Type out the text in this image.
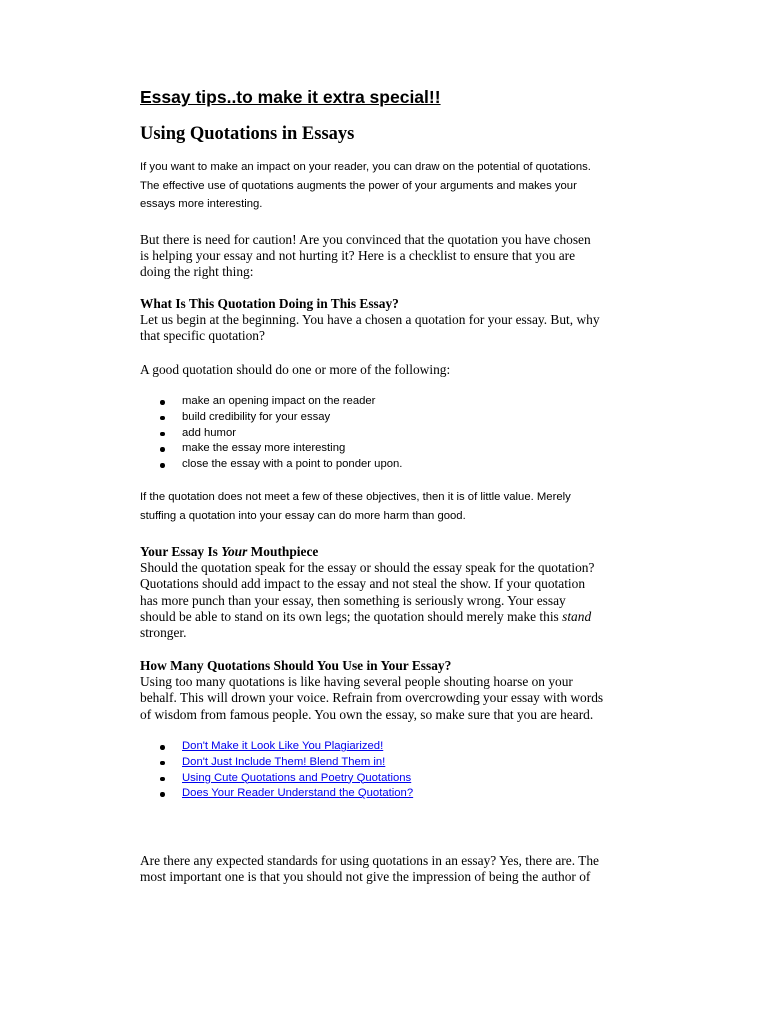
Essay tips..to make it extra special!!
Using Quotations in Essays
If you want to make an impact on your reader, you can draw on the potential of quotations.
The effective use of quotations augments the power of your arguments and makes your
essays more interesting.
But there is need for caution! Are you convinced that the quotation you have chosen
is helping your essay and not hurting it? Here is a checklist to ensure that you are
doing the right thing:
What Is This Quotation Doing in This Essay?
Let us begin at the beginning. You have a chosen a quotation for your essay. But, why
that specific quotation?
A good quotation should do one or more of the following:
make an opening impact on the reader
build credibility for your essay
add humor
make the essay more interesting
close the essay with a point to ponder upon.
If the quotation does not meet a few of these objectives, then it is of little value. Merely
stuffing a quotation into your essay can do more harm than good.
Your Essay Is Your Mouthpiece
Should the quotation speak for the essay or should the essay speak for the quotation?
Quotations should add impact to the essay and not steal the show. If your quotation
has more punch than your essay, then something is seriously wrong. Your essay
should be able to stand on its own legs; the quotation should merely make this stand
stronger.
How Many Quotations Should You Use in Your Essay?
Using too many quotations is like having several people shouting hoarse on your
behalf. This will drown your voice. Refrain from overcrowding your essay with words
of wisdom from famous people. You own the essay, so make sure that you are heard.
Don't Make it Look Like You Plagiarized!
Don't Just Include Them! Blend Them in!
Using Cute Quotations and Poetry Quotations
Does Your Reader Understand the Quotation?
Are there any expected standards for using quotations in an essay? Yes, there are. The
most important one is that you should not give the impression of being the author of
